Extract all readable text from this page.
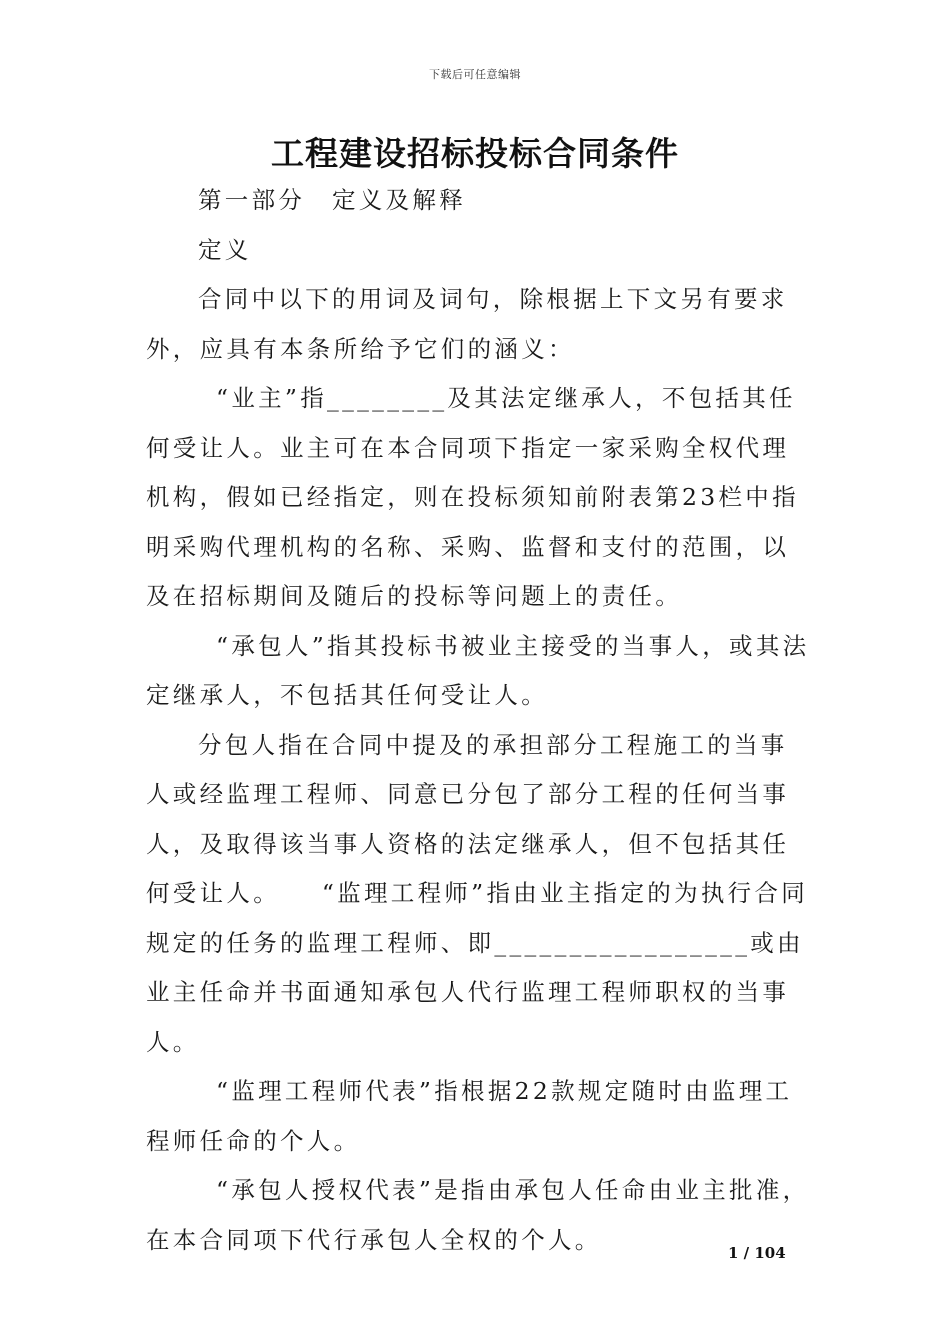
下载后可任意编辑
工程建设招标投标合同条件

第一部分　定义及解释

定义

合同中以下的用词及词句，除根据上下文另有要求外，应具有本条所给予它们的涵义：

“业主”指________及其法定继承人，不包括其任何受让人。业主可在本合同项下指定一家采购全权代理机构，假如已经指定，则在投标须知前附表第23栏中指明采购代理机构的名称、采购、监督和支付的范围，以及在招标期间及随后的投标等问题上的责任。

“承包人”指其投标书被业主接受的当事人，或其法定继承人，不包括其任何受让人。

分包人指在合同中提及的承担部分工程施工的当事人或经监理工程师、同意已分包了部分工程的任何当事人，及取得该当事人资格的法定继承人，但不包括其任何受让人。　　“监理工程师”指由业主指定的为执行合同规定的任务的监理工程师、即_________________或由业主任命并书面通知承包人代行监理工程师职权的当事人。

“监理工程师代表”指根据22款规定随时由监理工程师任命的个人。

“承包人授权代表”是指由承包人任命由业主批准，在本合同项下代行承包人全权的个人。	1 / 104
